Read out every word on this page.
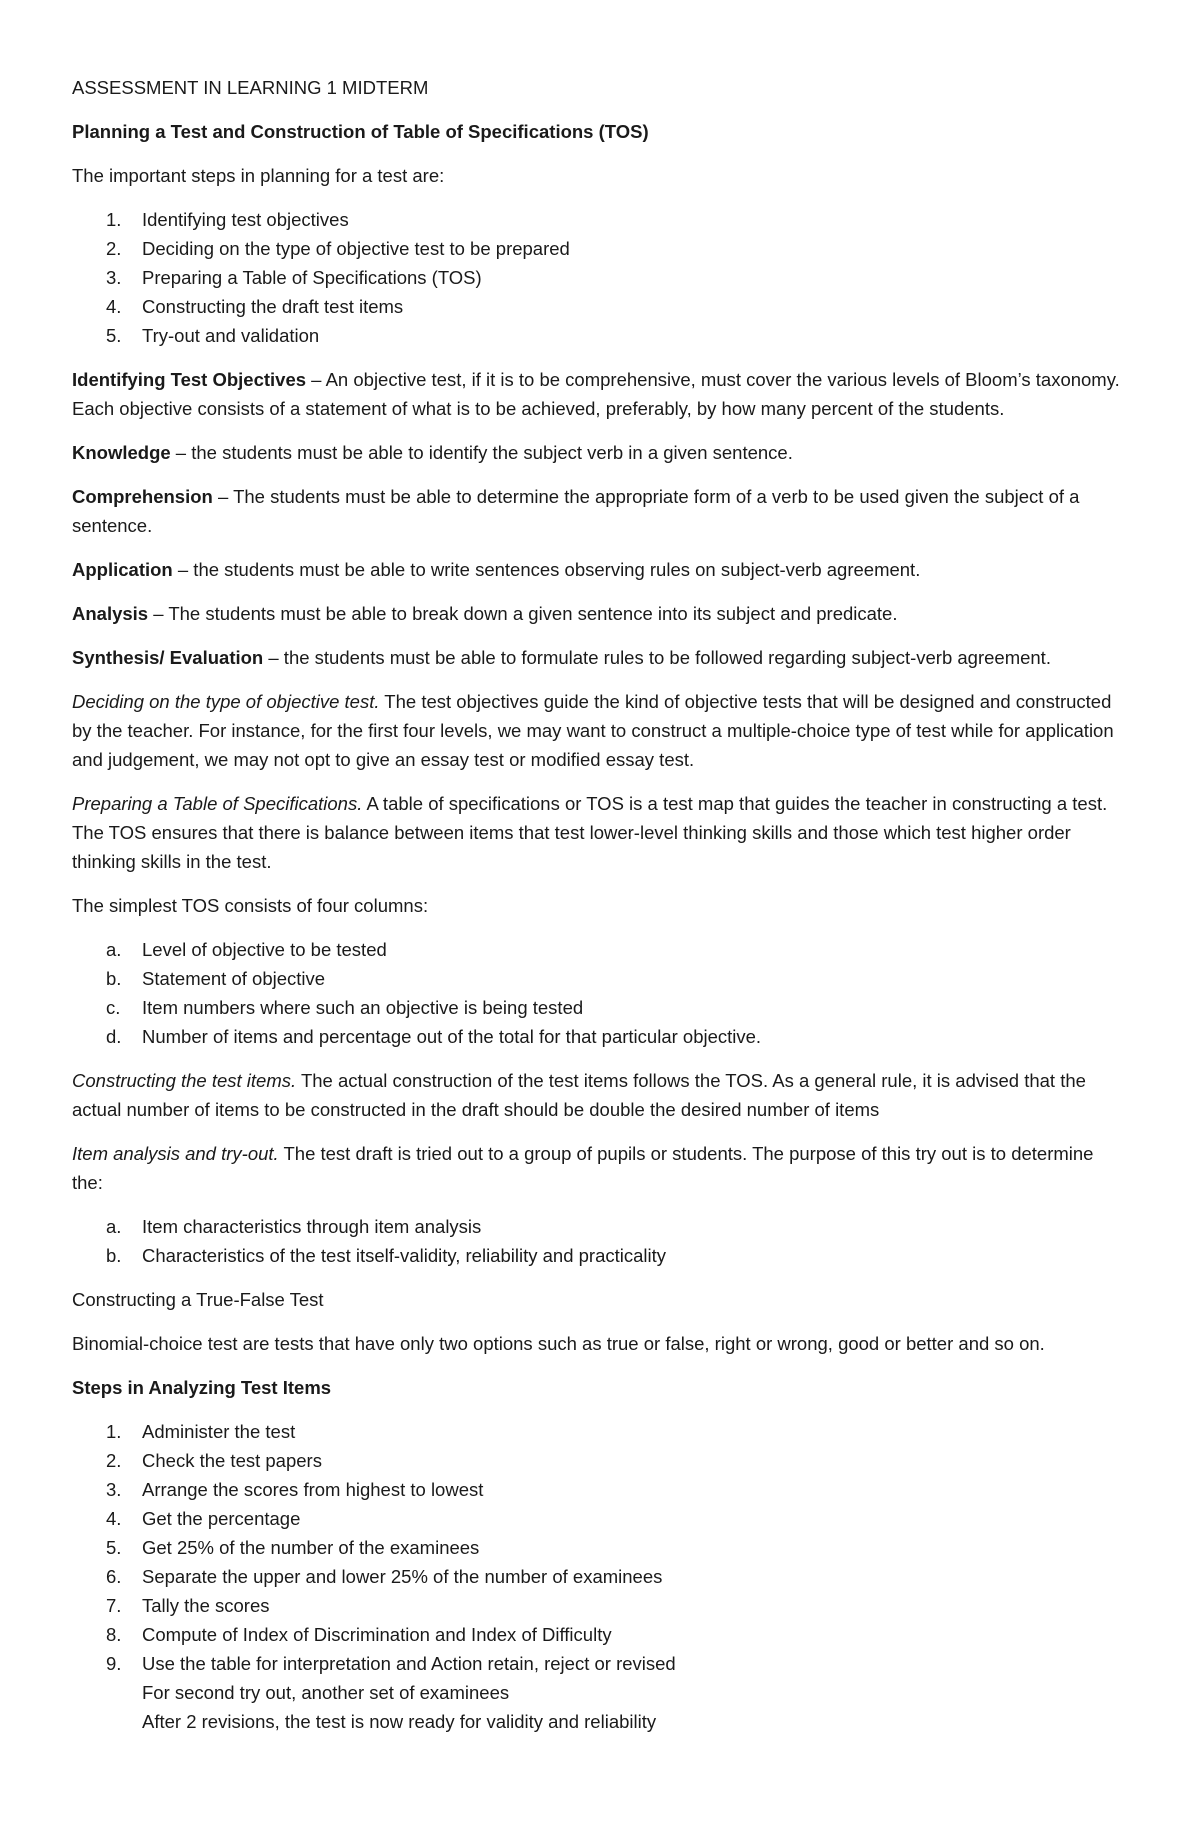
ASSESSMENT IN LEARNING 1 MIDTERM

Planning a Test and Construction of Table of Specifications (TOS)

The important steps in planning for a test are:

1. Identifying test objectives
2. Deciding on the type of objective test to be prepared
3. Preparing a Table of Specifications (TOS)
4. Constructing the draft test items
5. Try-out and validation

Identifying Test Objectives – An objective test, if it is to be comprehensive, must cover the various levels of Bloom’s taxonomy. Each objective consists of a statement of what is to be achieved, preferably, by how many percent of the students.

Knowledge – the students must be able to identify the subject verb in a given sentence.

Comprehension – The students must be able to determine the appropriate form of a verb to be used given the subject of a sentence.

Application – the students must be able to write sentences observing rules on subject-verb agreement.

Analysis – The students must be able to break down a given sentence into its subject and predicate.

Synthesis/ Evaluation – the students must be able to formulate rules to be followed regarding subject-verb agreement.

Deciding on the type of objective test. The test objectives guide the kind of objective tests that will be designed and constructed by the teacher. For instance, for the first four levels, we may want to construct a multiple-choice type of test while for application and judgement, we may not opt to give an essay test or modified essay test.

Preparing a Table of Specifications. A table of specifications or TOS is a test map that guides the teacher in constructing a test. The TOS ensures that there is balance between items that test lower-level thinking skills and those which test higher order thinking skills in the test.

The simplest TOS consists of four columns:

a. Level of objective to be tested
b. Statement of objective
c. Item numbers where such an objective is being tested
d. Number of items and percentage out of the total for that particular objective.

Constructing the test items. The actual construction of the test items follows the TOS. As a general rule, it is advised that the actual number of items to be constructed in the draft should be double the desired number of items

Item analysis and try-out. The test draft is tried out to a group of pupils or students. The purpose of this try out is to determine the:

a. Item characteristics through item analysis
b. Characteristics of the test itself-validity, reliability and practicality

Constructing a True-False Test

Binomial-choice test are tests that have only two options such as true or false, right or wrong, good or better and so on.

Steps in Analyzing Test Items

1. Administer the test
2. Check the test papers
3. Arrange the scores from highest to lowest
4. Get the percentage
5. Get 25% of the number of the examinees
6. Separate the upper and lower 25% of the number of examinees
7. Tally the scores
8. Compute of Index of Discrimination and Index of Difficulty
9. Use the table for interpretation and Action retain, reject or revised
For second try out, another set of examinees
After 2 revisions, the test is now ready for validity and reliability
